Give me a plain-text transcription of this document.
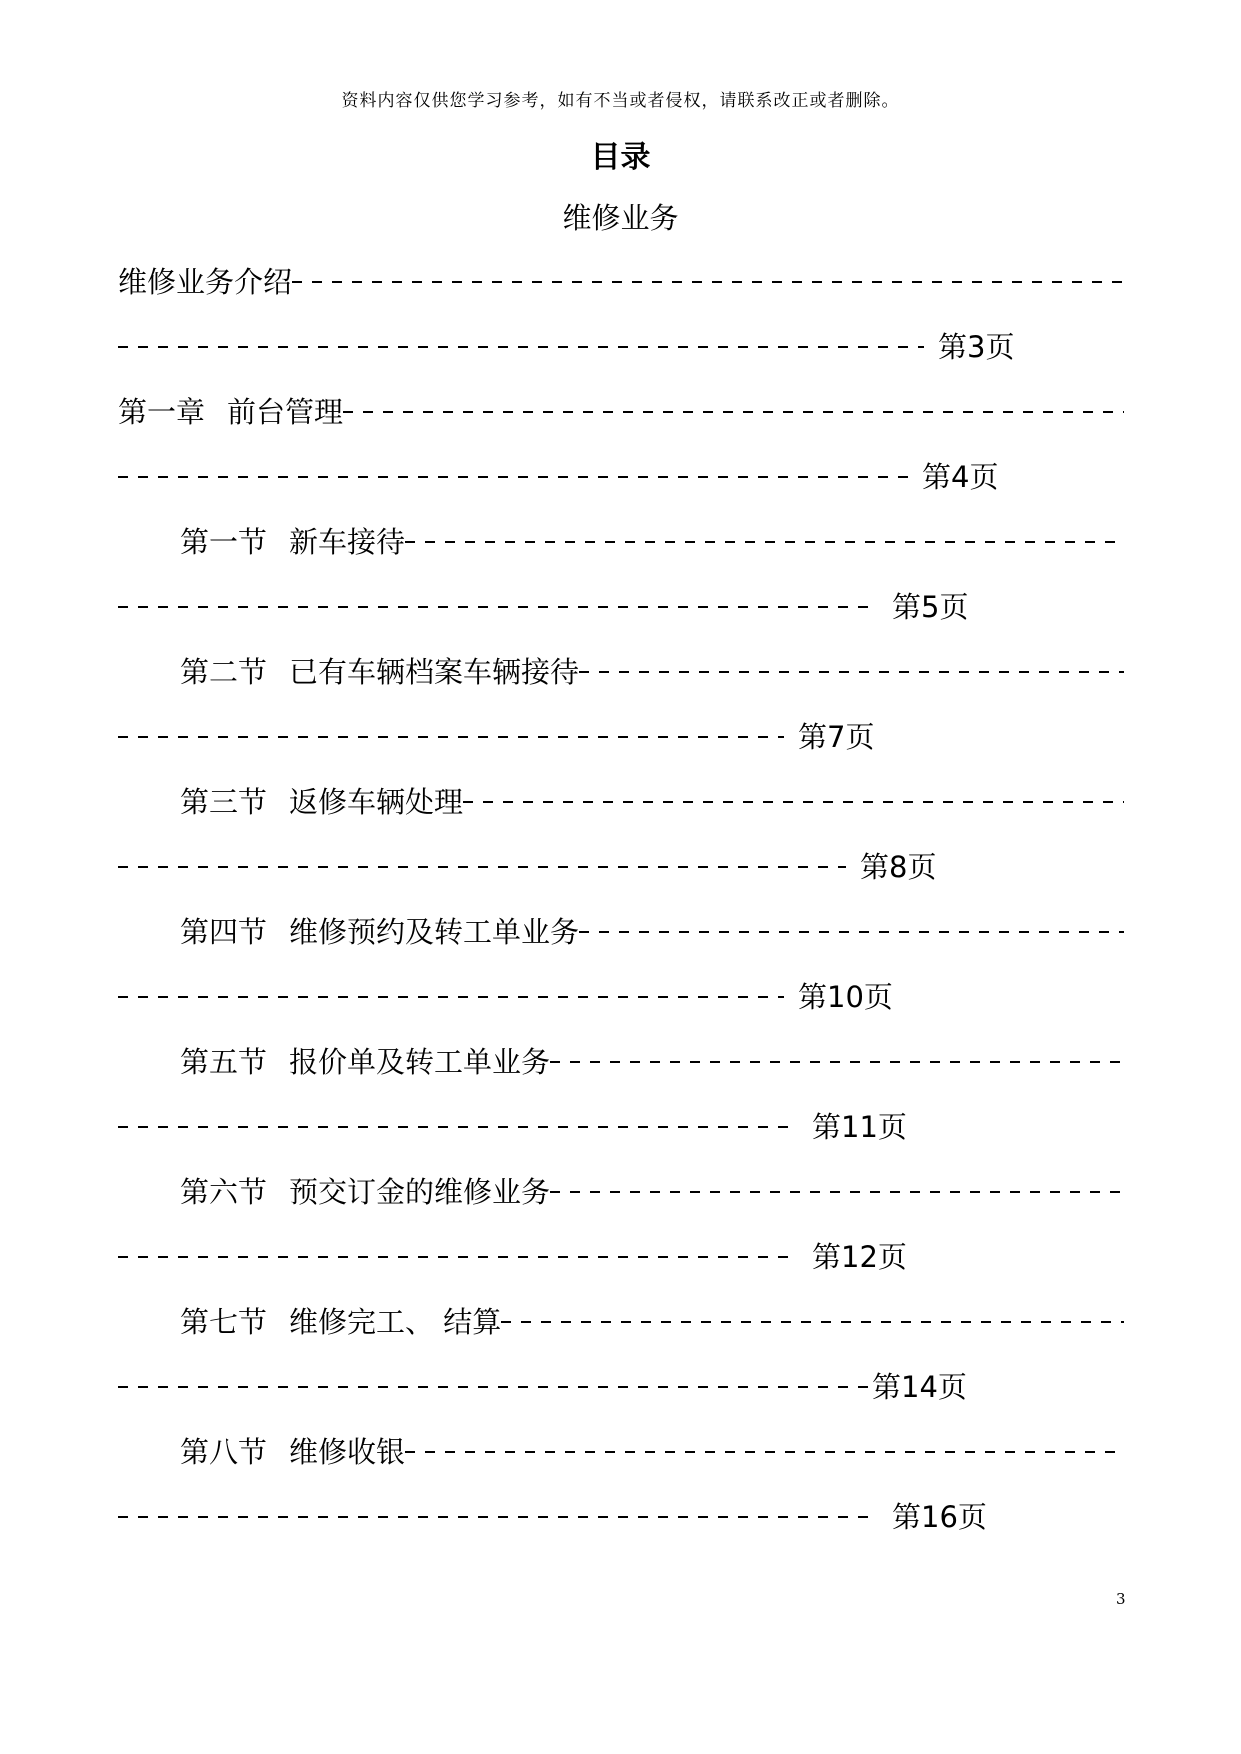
资料内容仅供您学习参考，如有不当或者侵权，请联系改正或者删除。
目录
维修业务
维修业务介绍
第3页
第一章 前台管理
第4页
第一节 新车接待
第5页
第二节 已有车辆档案车辆接待
第7页
第三节 返修车辆处理
第8页
第四节 维修预约及转工单业务
第10页
第五节 报价单及转工单业务
第11页
第六节 预交订金的维修业务
第12页
第七节 维修完工、 结算
第14页
第八节 维修收银
第16页
3
